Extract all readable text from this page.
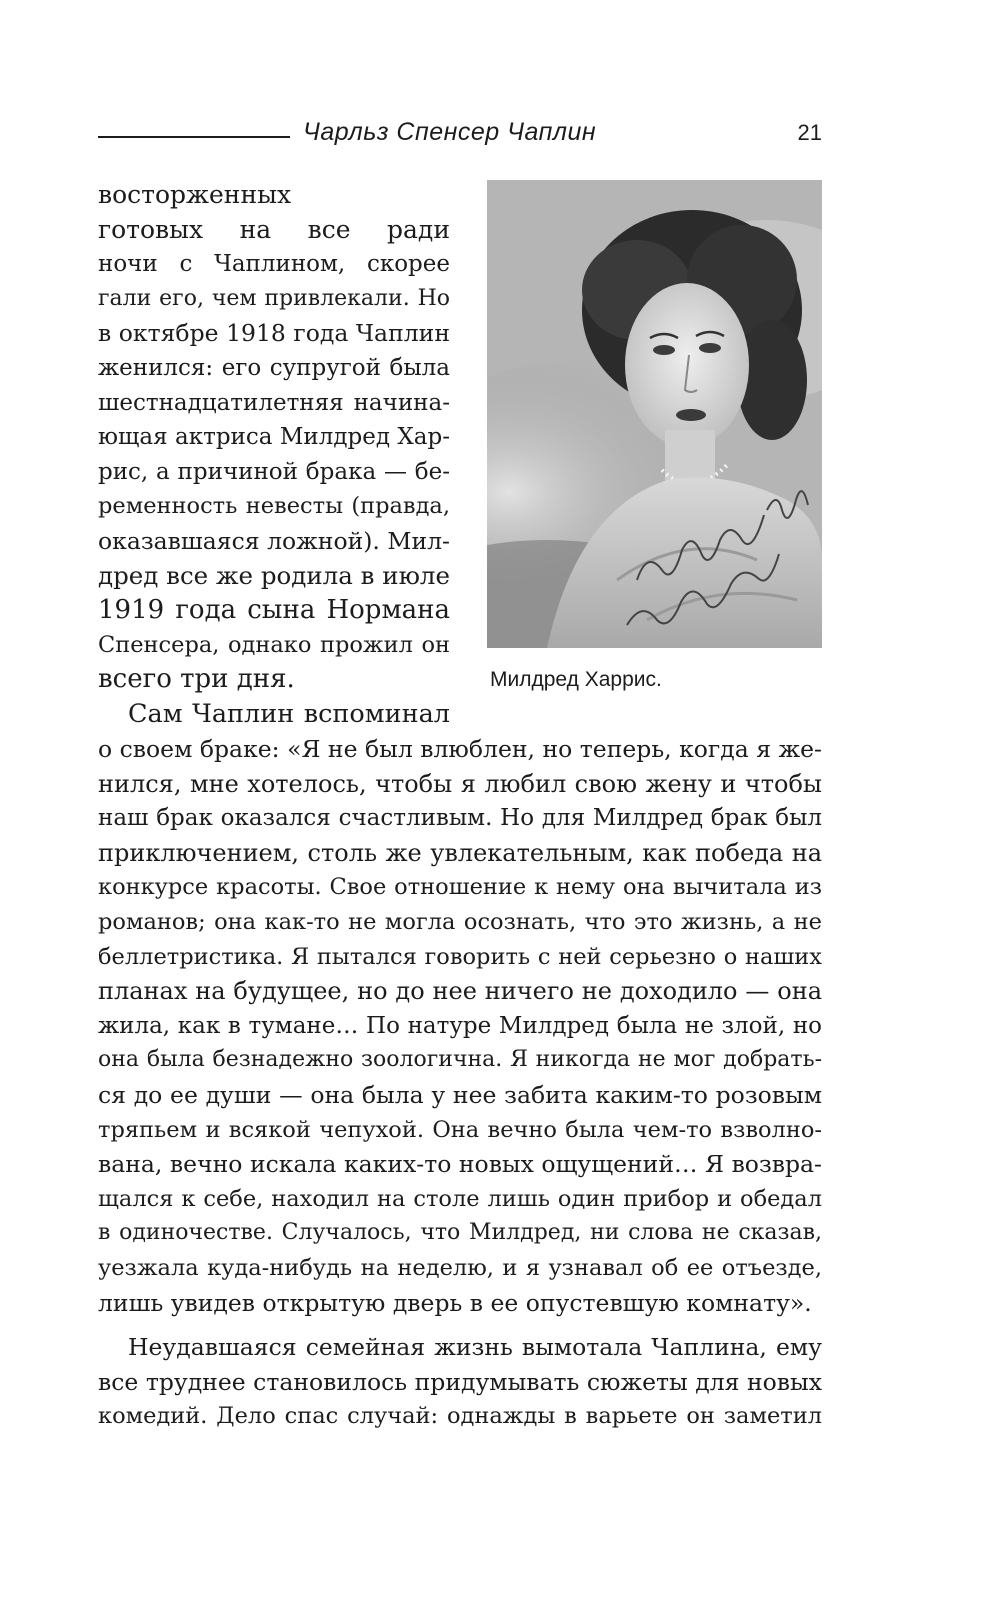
Чарльз Спенсер Чаплин	21
восторженных
готовых на все ради
ночи с Чаплином, скорее
гали его, чем привлекали. Но
в октябре 1918 года Чаплин
женился: его супругой была
шестнадцатилетняя начина-
ющая актриса Милдред Хар-
рис, а причиной брака — бе-
ременность невесты (правда,
оказавшаяся ложной). Мил-
дред все же родила в июле
1919 года сына Нормана
Спенсера, однако прожил он
всего три дня.
Сам Чаплин вспоминал
Милдред Харрис.
о своем браке: «Я не был влюблен, но теперь, когда я же-
нился, мне хотелось, чтобы я любил свою жену и чтобы
наш брак оказался счастливым. Но для Милдред брак был
приключением, столь же увлекательным, как победа на
конкурсе красоты. Свое отношение к нему она вычитала из
романов; она как-то не могла осознать, что это жизнь, а не
беллетристика. Я пытался говорить с ней серьезно о наших
планах на будущее, но до нее ничего не доходило — она
жила, как в тумане… По натуре Милдред была не злой, но
она была безнадежно зоологична. Я никогда не мог добрать-
ся до ее души — она была у нее забита каким-то розовым
тряпьем и всякой чепухой. Она вечно была чем-то взволно-
вана, вечно искала каких-то новых ощущений… Я возвра-
щался к себе, находил на столе лишь один прибор и обедал
в одиночестве. Случалось, что Милдред, ни слова не сказав,
уезжала куда-нибудь на неделю, и я узнавал об ее отъезде,
лишь увидев открытую дверь в ее опустевшую комнату».
Неудавшаяся семейная жизнь вымотала Чаплина, ему
все труднее становилось придумывать сюжеты для новых
комедий. Дело спас случай: однажды в варьете он заметил
